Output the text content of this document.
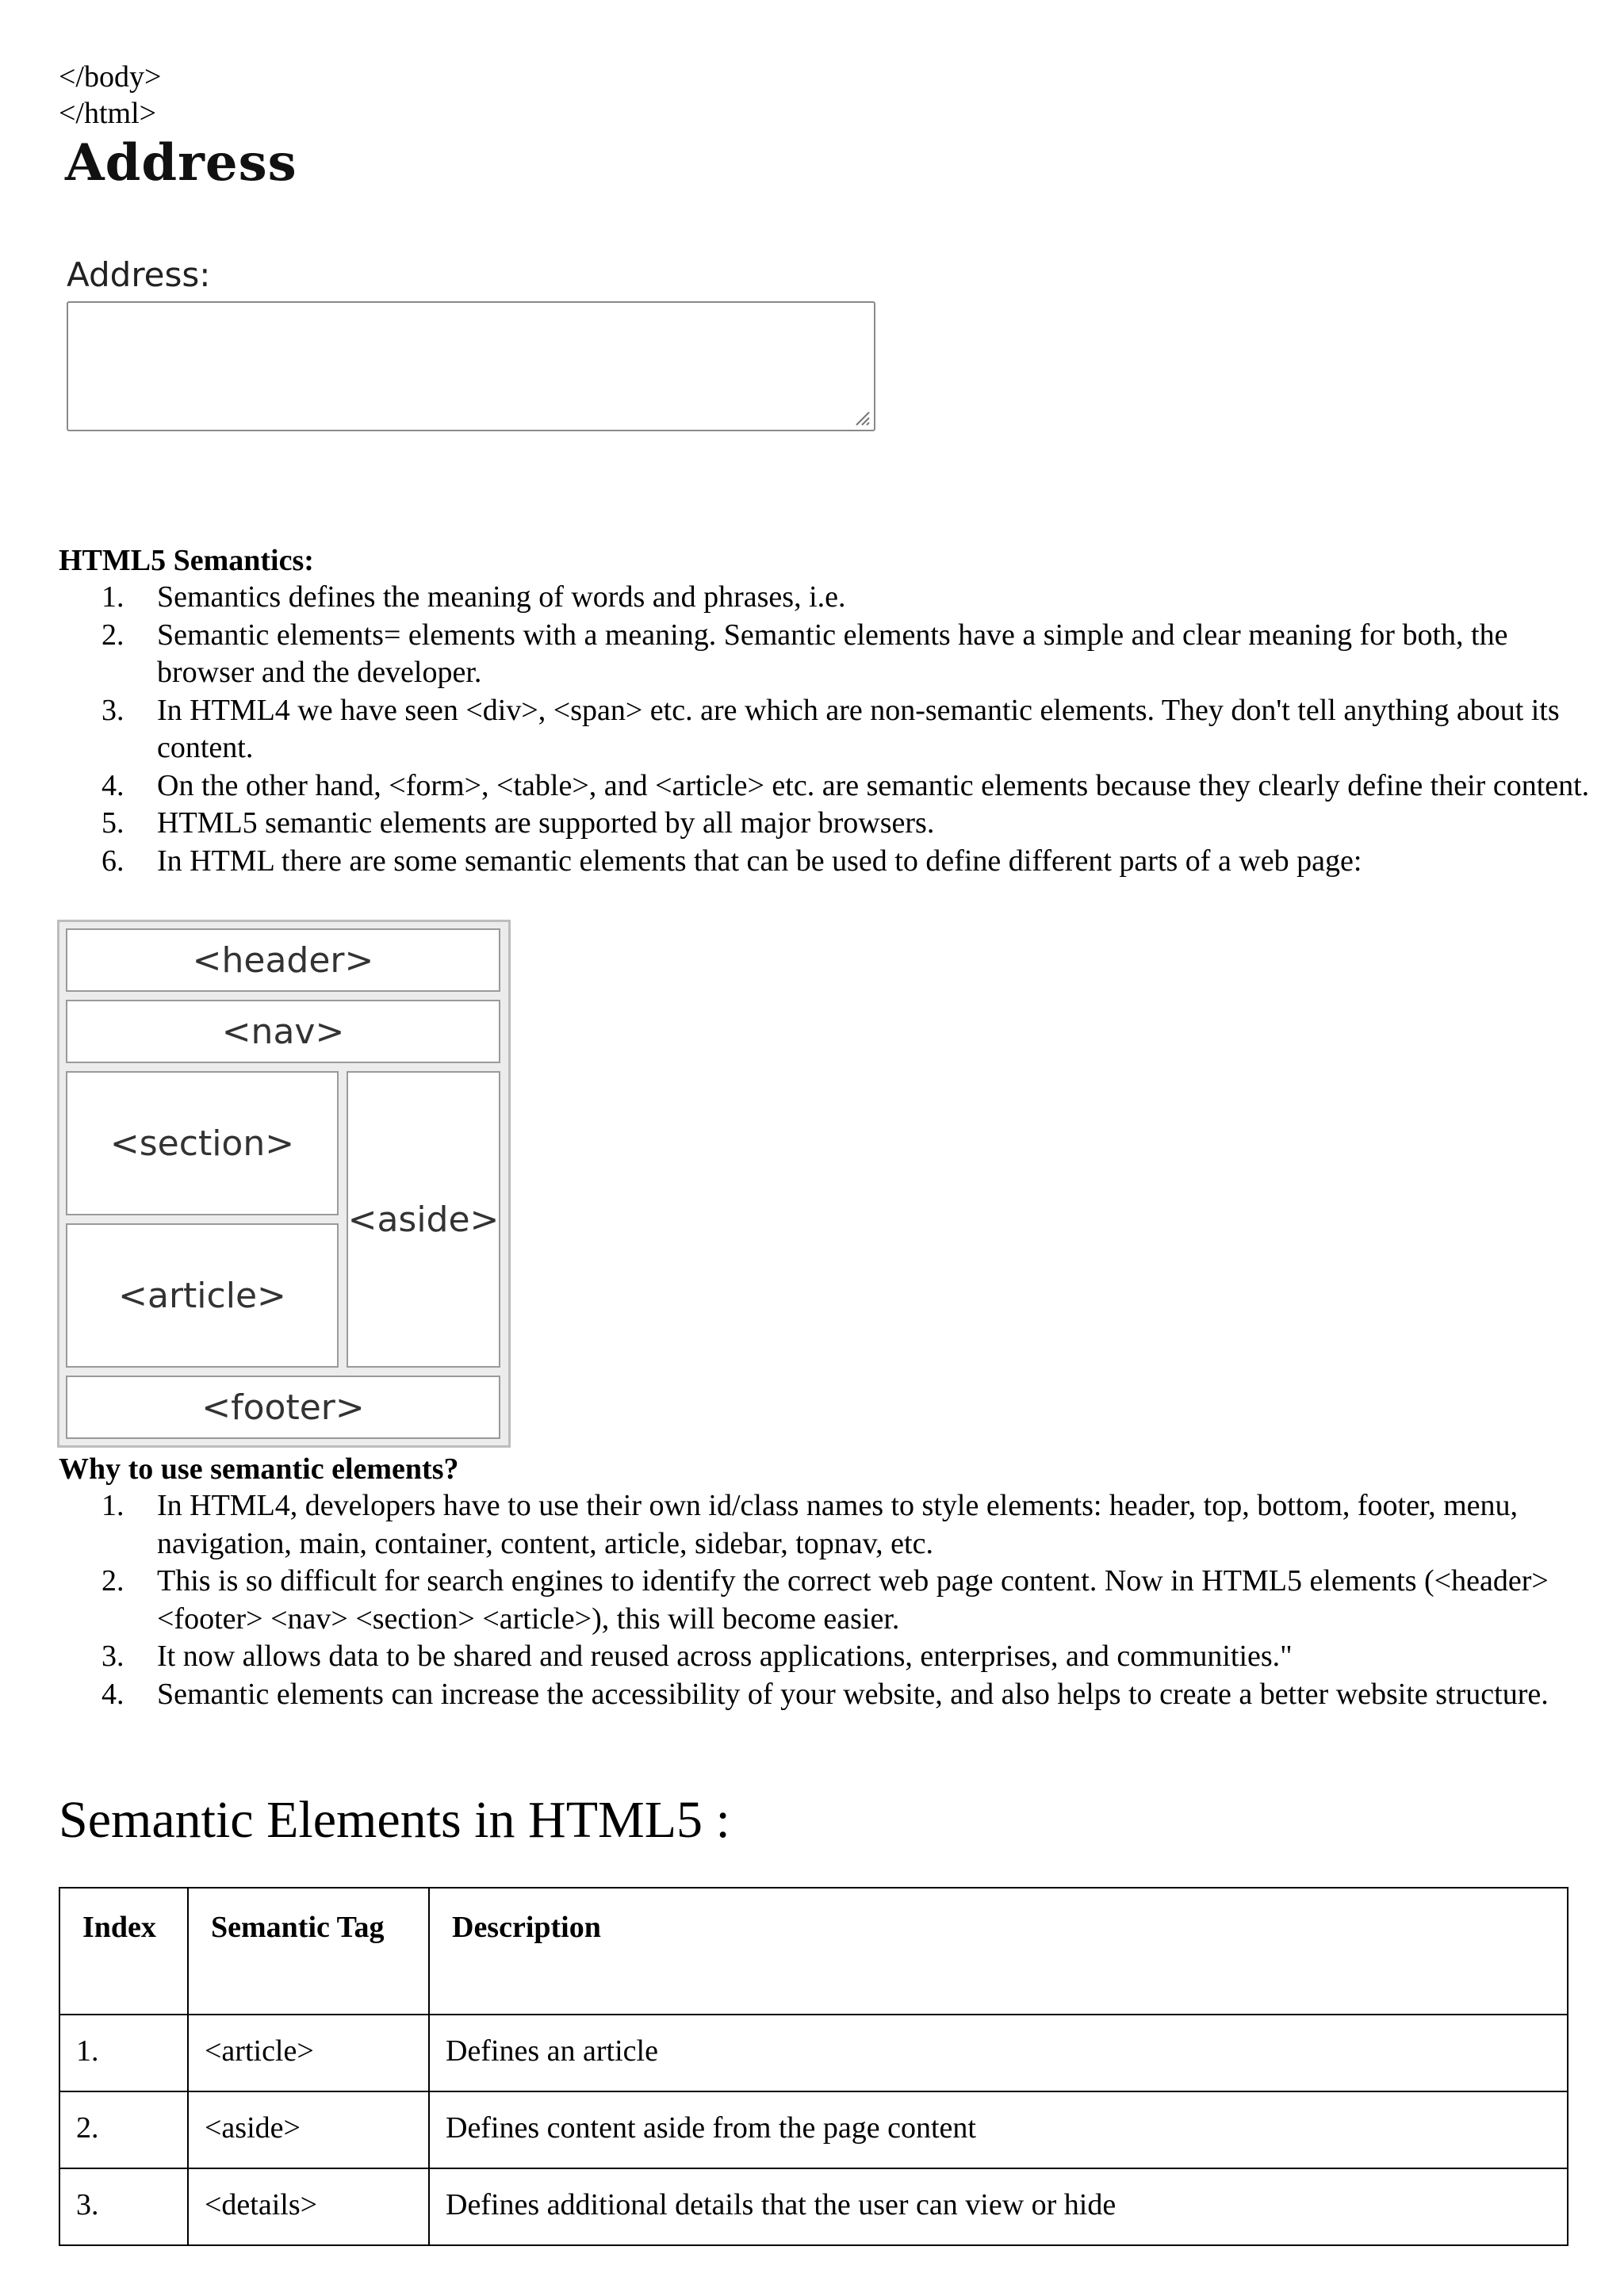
</body>
</html>
Address
Address:
HTML5 Semantics:
1. Semantics defines the meaning of words and phrases, i.e.
2. Semantic elements= elements with a meaning. Semantic elements have a simple and clear meaning for both, the browser and the developer.
3. In HTML4 we have seen <div>, <span> etc. are which are non-semantic elements. They don't tell anything about its content.
4. On the other hand, <form>, <table>, and <article> etc. are semantic elements because they clearly define their content.
5. HTML5 semantic elements are supported by all major browsers.
6. In HTML there are some semantic elements that can be used to define different parts of a web page:
<header>
<nav>
<section>
<article>
<aside>
<footer>
Why to use semantic elements?
1. In HTML4, developers have to use their own id/class names to style elements: header, top, bottom, footer, menu, navigation, main, container, content, article, sidebar, topnav, etc.
2. This is so difficult for search engines to identify the correct web page content. Now in HTML5 elements (<header> <footer> <nav> <section> <article>), this will become easier.
3. It now allows data to be shared and reused across applications, enterprises, and communities."
4. Semantic elements can increase the accessibility of your website, and also helps to create a better website structure.
Semantic Elements in HTML5 :
Index	Semantic Tag	Description
1.	<article>	Defines an article
2.	<aside>	Defines content aside from the page content
3.	<details>	Defines additional details that the user can view or hide
